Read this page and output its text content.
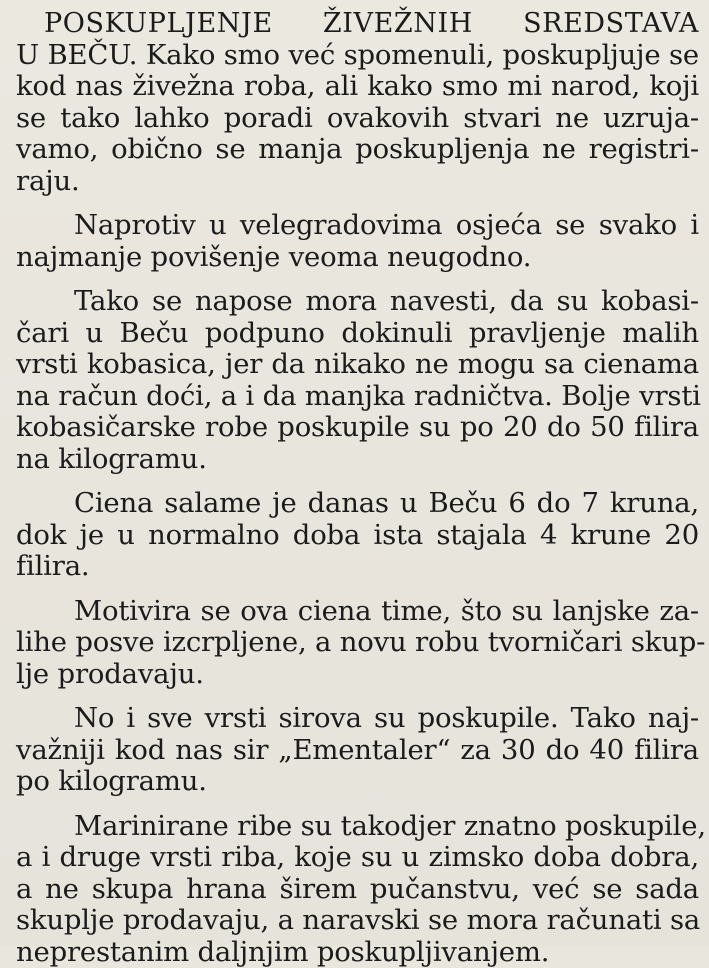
POSKUPLJENJE ŽIVEŽNIH SREDSTAVA
U BEČU. Kako smo već spomenuli, poskupljuje se
kod nas živežna roba, ali kako smo mi narod, koji
se tako lahko poradi ovakovih stvari ne uzruja-
vamo, obično se manja poskupljenja ne registri-
raju.
Naprotiv u velegradovima osjeća se svako i
najmanje povišenje veoma neugodno.
Tako se napose mora navesti, da su kobasi-
čari u Beču podpuno dokinuli pravljenje malih
vrsti kobasica, jer da nikako ne mogu sa cienama
na račun doći, a i da manjka radničtva. Bolje vrsti
kobasičarske robe poskupile su po 20 do 50 filira
na kilogramu.
Ciena salame je danas u Beču 6 do 7 kruna,
dok je u normalno doba ista stajala 4 krune 20
filira.
Motivira se ova ciena time, što su lanjske za-
lihe posve izcrpljene, a novu robu tvorničari skup-
lje prodavaju.
No i sve vrsti sirova su poskupile. Tako naj-
važniji kod nas sir „Ementaler“ za 30 do 40 filira
po kilogramu.
Marinirane ribe su takodjer znatno poskupile,
a i druge vrsti riba, koje su u zimsko doba dobra,
a ne skupa hrana širem pučanstvu, već se sada
skuplje prodavaju, a naravski se mora računati sa
neprestanim daljnjim poskupljivanjem.
